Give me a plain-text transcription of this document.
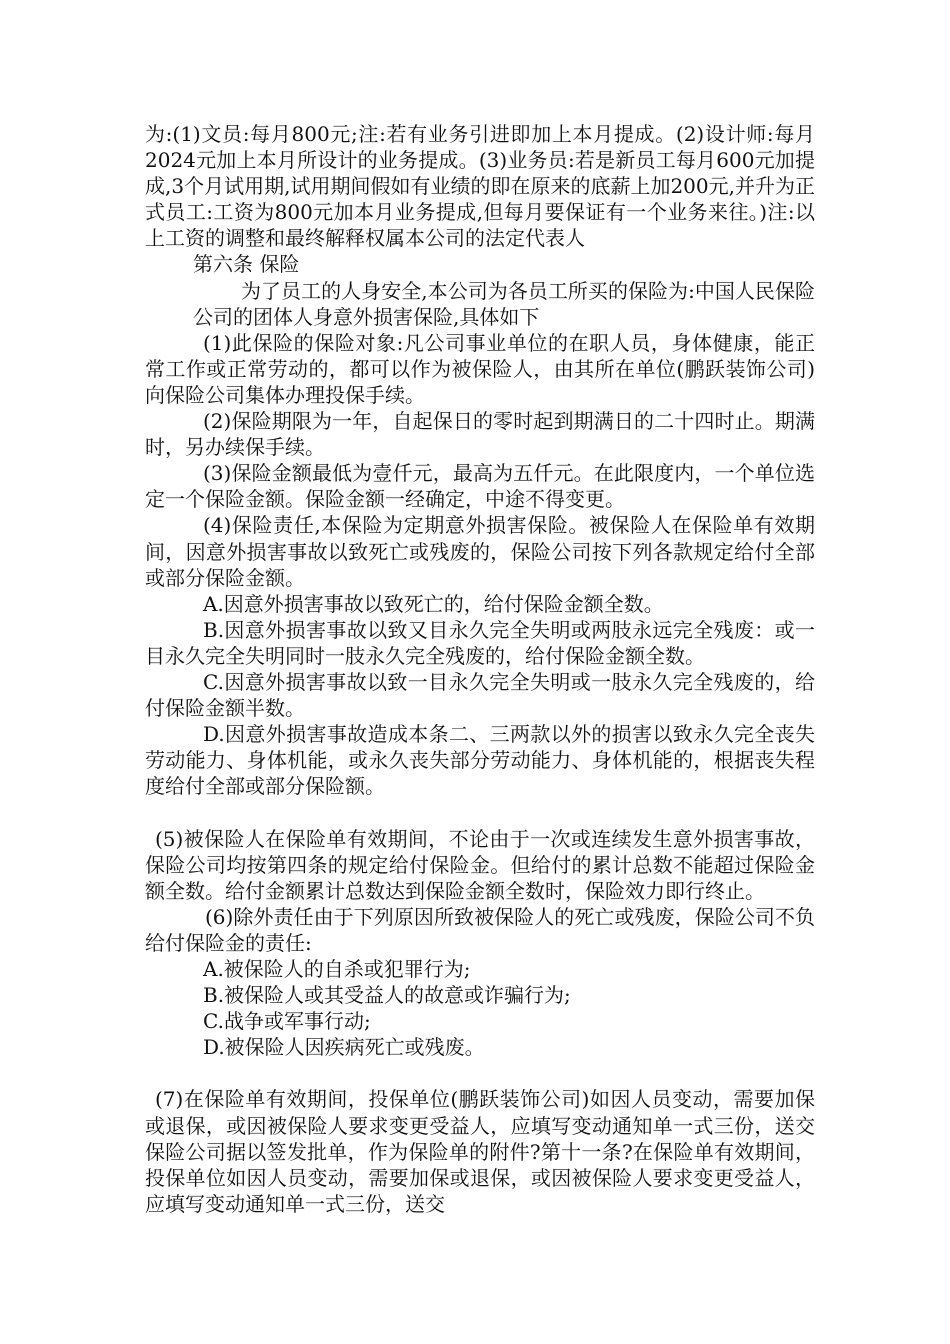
为:(1)文员:每月800元;注:若有业务引进即加上本月提成。(2)设计师:每月2024元加上本月所设计的业务提成。(3)业务员:若是新员工每月600元加提成,3个月试用期,试用期间假如有业绩的即在原来的底薪上加200元,并升为正式员工:工资为800元加本月业务提成,但每月要保证有一个业务来往。)注:以上工资的调整和最终解释权属本公司的法定代表人

第六条 保险

为了员工的人身安全,本公司为各员工所买的保险为:中国人民保险公司的团体人身意外损害保险,具体如下

(1)此保险的保险对象:凡公司事业单位的在职人员，身体健康，能正常工作或正常劳动的，都可以作为被保险人，由其所在单位(鹏跃装饰公司)向保险公司集体办理投保手续。

(2)保险期限为一年，自起保日的零时起到期满日的二十四时止。期满时，另办续保手续。

(3)保险金额最低为壹仟元，最高为五仟元。在此限度内，一个单位选定一个保险金额。保险金额一经确定，中途不得变更。

(4)保险责任,本保险为定期意外损害保险。被保险人在保险单有效期间，因意外损害事故以致死亡或残废的，保险公司按下列各款规定给付全部或部分保险金额。

A.因意外损害事故以致死亡的，给付保险金额全数。

B.因意外损害事故以致又目永久完全失明或两肢永远完全残废：或一目永久完全失明同时一肢永久完全残废的，给付保险金额全数。

C.因意外损害事故以致一目永久完全失明或一肢永久完全残废的，给付保险金额半数。

D.因意外损害事故造成本条二、三两款以外的损害以致永久完全丧失劳动能力、身体机能，或永久丧失部分劳动能力、身体机能的，根据丧失程度给付全部或部分保险额。

(5)被保险人在保险单有效期间，不论由于一次或连续发生意外损害事故，保险公司均按第四条的规定给付保险金。但给付的累计总数不能超过保险金额全数。给付金额累计总数达到保险金额全数时，保险效力即行终止。

(6)除外责任由于下列原因所致被保险人的死亡或残废，保险公司不负给付保险金的责任:

A.被保险人的自杀或犯罪行为;

B.被保险人或其受益人的故意或诈骗行为;

C.战争或军事行动;

D.被保险人因疾病死亡或残废。

(7)在保险单有效期间，投保单位(鹏跃装饰公司)如因人员变动，需要加保或退保，或因被保险人要求变更受益人，应填写变动通知单一式三份，送交保险公司据以签发批单，作为保险单的附件?第十一条?在保险单有效期间，投保单位如因人员变动，需要加保或退保，或因被保险人要求变更受益人，应填写变动通知单一式三份，送交
